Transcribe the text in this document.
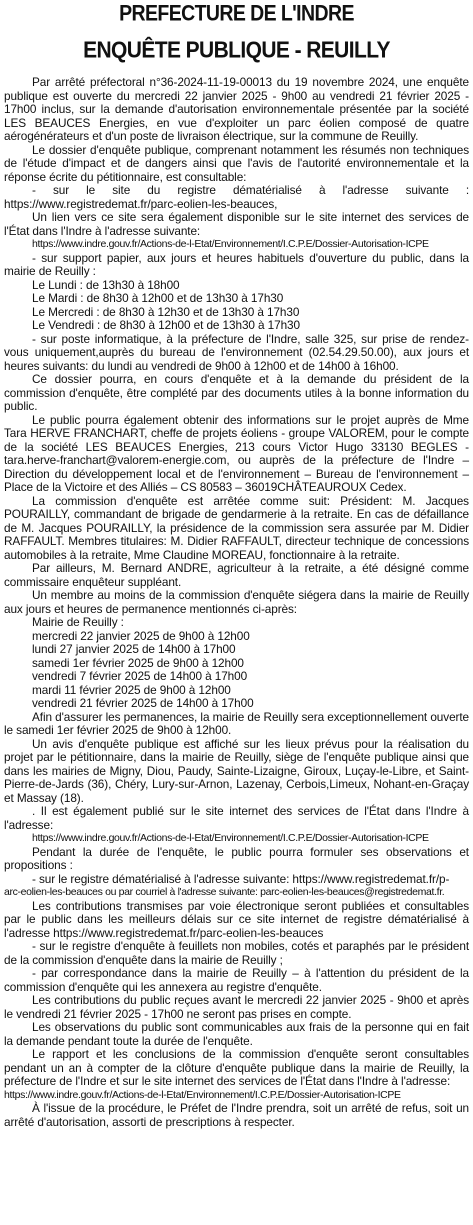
PREFECTURE DE L'INDRE
ENQUÊTE PUBLIQUE - REUILLY

Par arrêté préfectoral n°36-2024-11-19-00013 du 19 novembre 2024, une enquête publique est ouverte du mercredi 22 janvier 2025 - 9h00 au vendredi 21 février 2025 - 17h00 inclus, sur la demande d'autorisation environnementale présentée par la société LES BEAUCES Energies, en vue d'exploiter un parc éolien composé de quatre aérogénérateurs et d'un poste de livraison électrique, sur la commune de Reuilly.

Le dossier d'enquête publique, comprenant notamment les résumés non techniques de l'étude d'impact et de dangers ainsi que l'avis de l'autorité environnementale et la réponse écrite du pétitionnaire, est consultable:

- sur le site du registre dématérialisé à l'adresse suivante : https://www.registredemat.fr/parc-eolien-les-beauces,

Un lien vers ce site sera également disponible sur le site internet des services de l'État dans l'Indre à l'adresse suivante:

https://www.indre.gouv.fr/Actions-de-l-Etat/Environnement/I.C.P.E/Dossier-Autorisation-ICPE

- sur support papier, aux jours et heures habituels d'ouverture du public, dans la mairie de Reuilly :

Le Lundi : de 13h30 à 18h00

Le Mardi : de 8h30 à 12h00 et de 13h30 à 17h30

Le Mercredi : de 8h30 à 12h30 et de 13h30 à 17h30

Le Vendredi : de 8h30 à 12h00 et de 13h30 à 17h30

- sur poste informatique, à la préfecture de l'Indre, salle 325, sur prise de rendez-vous uniquement,auprès du bureau de l'environnement (02.54.29.50.00), aux jours et heures suivants: du lundi au vendredi de 9h00 à 12h00 et de 14h00 à 16h00.

Ce dossier pourra, en cours d'enquête et à la demande du président de la commission d'enquête, être complété par des documents utiles à la bonne information du public.

Le public pourra également obtenir des informations sur le projet auprès de Mme Tara HERVE FRANCHART, cheffe de projets éoliens - groupe VALOREM, pour le compte de la société LES BEAUCES Energies, 213 cours Victor Hugo 33130 BEGLES - tara.herve-franchart@valorem-energie.com, ou auprès de la préfecture de l'Indre – Direction du développement local et de l'environnement – Bureau de l'environnement – Place de la Victoire et des Alliés – CS 80583 – 36019CHÂTEAUROUX Cedex.

La commission d'enquête est arrêtée comme suit: Président: M. Jacques POURAILLY, commandant de brigade de gendarmerie à la retraite. En cas de défaillance de M. Jacques POURAILLY, la présidence de la commission sera assurée par M. Didier RAFFAULT. Membres titulaires: M. Didier RAFFAULT, directeur technique de concessions automobiles à la retraite, Mme Claudine MOREAU, fonctionnaire à la retraite.

Par ailleurs, M. Bernard ANDRE, agriculteur à la retraite, a été désigné comme commissaire enquêteur suppléant.

Un membre au moins de la commission d'enquête siégera dans la mairie de Reuilly aux jours et heures de permanence mentionnés ci-après:

Mairie de Reuilly :

mercredi 22 janvier 2025 de 9h00 à 12h00

lundi 27 janvier 2025 de 14h00 à 17h00

samedi 1er février 2025 de 9h00 à 12h00

vendredi 7 février 2025 de 14h00 à 17h00

mardi 11 février 2025 de 9h00 à 12h00

vendredi 21 février 2025 de 14h00 à 17h00

Afin d'assurer les permanences, la mairie de Reuilly sera exceptionnellement ouverte le samedi 1er février 2025 de 9h00 à 12h00.

Un avis d'enquête publique est affiché sur les lieux prévus pour la réalisation du projet par le pétitionnaire, dans la mairie de Reuilly, siège de l'enquête publique ainsi que dans les mairies de Migny, Diou, Paudy, Sainte-Lizaigne, Giroux, Luçay-le-Libre, et Saint-Pierre-de-Jards (36), Chéry, Lury-sur-Arnon, Lazenay, Cerbois,Limeux, Nohant-en-Graçay et Massay (18).

. Il est également publié sur le site internet des services de l'État dans l'Indre à l'adresse:

https://www.indre.gouv.fr/Actions-de-l-Etat/Environnement/I.C.P.E/Dossier-Autorisation-ICPE

Pendant la durée de l'enquête, le public pourra formuler ses observations et propositions :

- sur le registre dématérialisé à l'adresse suivante: https://www.registredemat.fr/p-

arc-eolien-les-beauces ou par courriel à l'adresse suivante: parc-eolien-les-beauces@registredemat.fr.

Les contributions transmises par voie électronique seront publiées et consultables par le public dans les meilleurs délais sur ce site internet de registre dématérialisé à l'adresse https://www.registredemat.fr/parc-eolien-les-beauces

- sur le registre d'enquête à feuillets non mobiles, cotés et paraphés par le président de la commission d'enquête dans la mairie de Reuilly ;

- par correspondance dans la mairie de Reuilly – à l'attention du président de la commission d'enquête qui les annexera au registre d'enquête.

Les contributions du public reçues avant le mercredi 22 janvier 2025 - 9h00 et après le vendredi 21 février 2025 - 17h00 ne seront pas prises en compte.

Les observations du public sont communicables aux frais de la personne qui en fait la demande pendant toute la durée de l'enquête.

Le rapport et les conclusions de la commission d'enquête seront consultables pendant un an à compter de la clôture d'enquête publique dans la mairie de Reuilly, la préfecture de l'Indre et sur le site internet des services de l'État dans l'Indre à l'adresse:

https://www.indre.gouv.fr/Actions-de-l-Etat/Environnement/I.C.P.E/Dossier-Autorisation-ICPE

À l'issue de la procédure, le Préfet de l'Indre prendra, soit un arrêté de refus, soit un arrêté d'autorisation, assorti de prescriptions à respecter.
